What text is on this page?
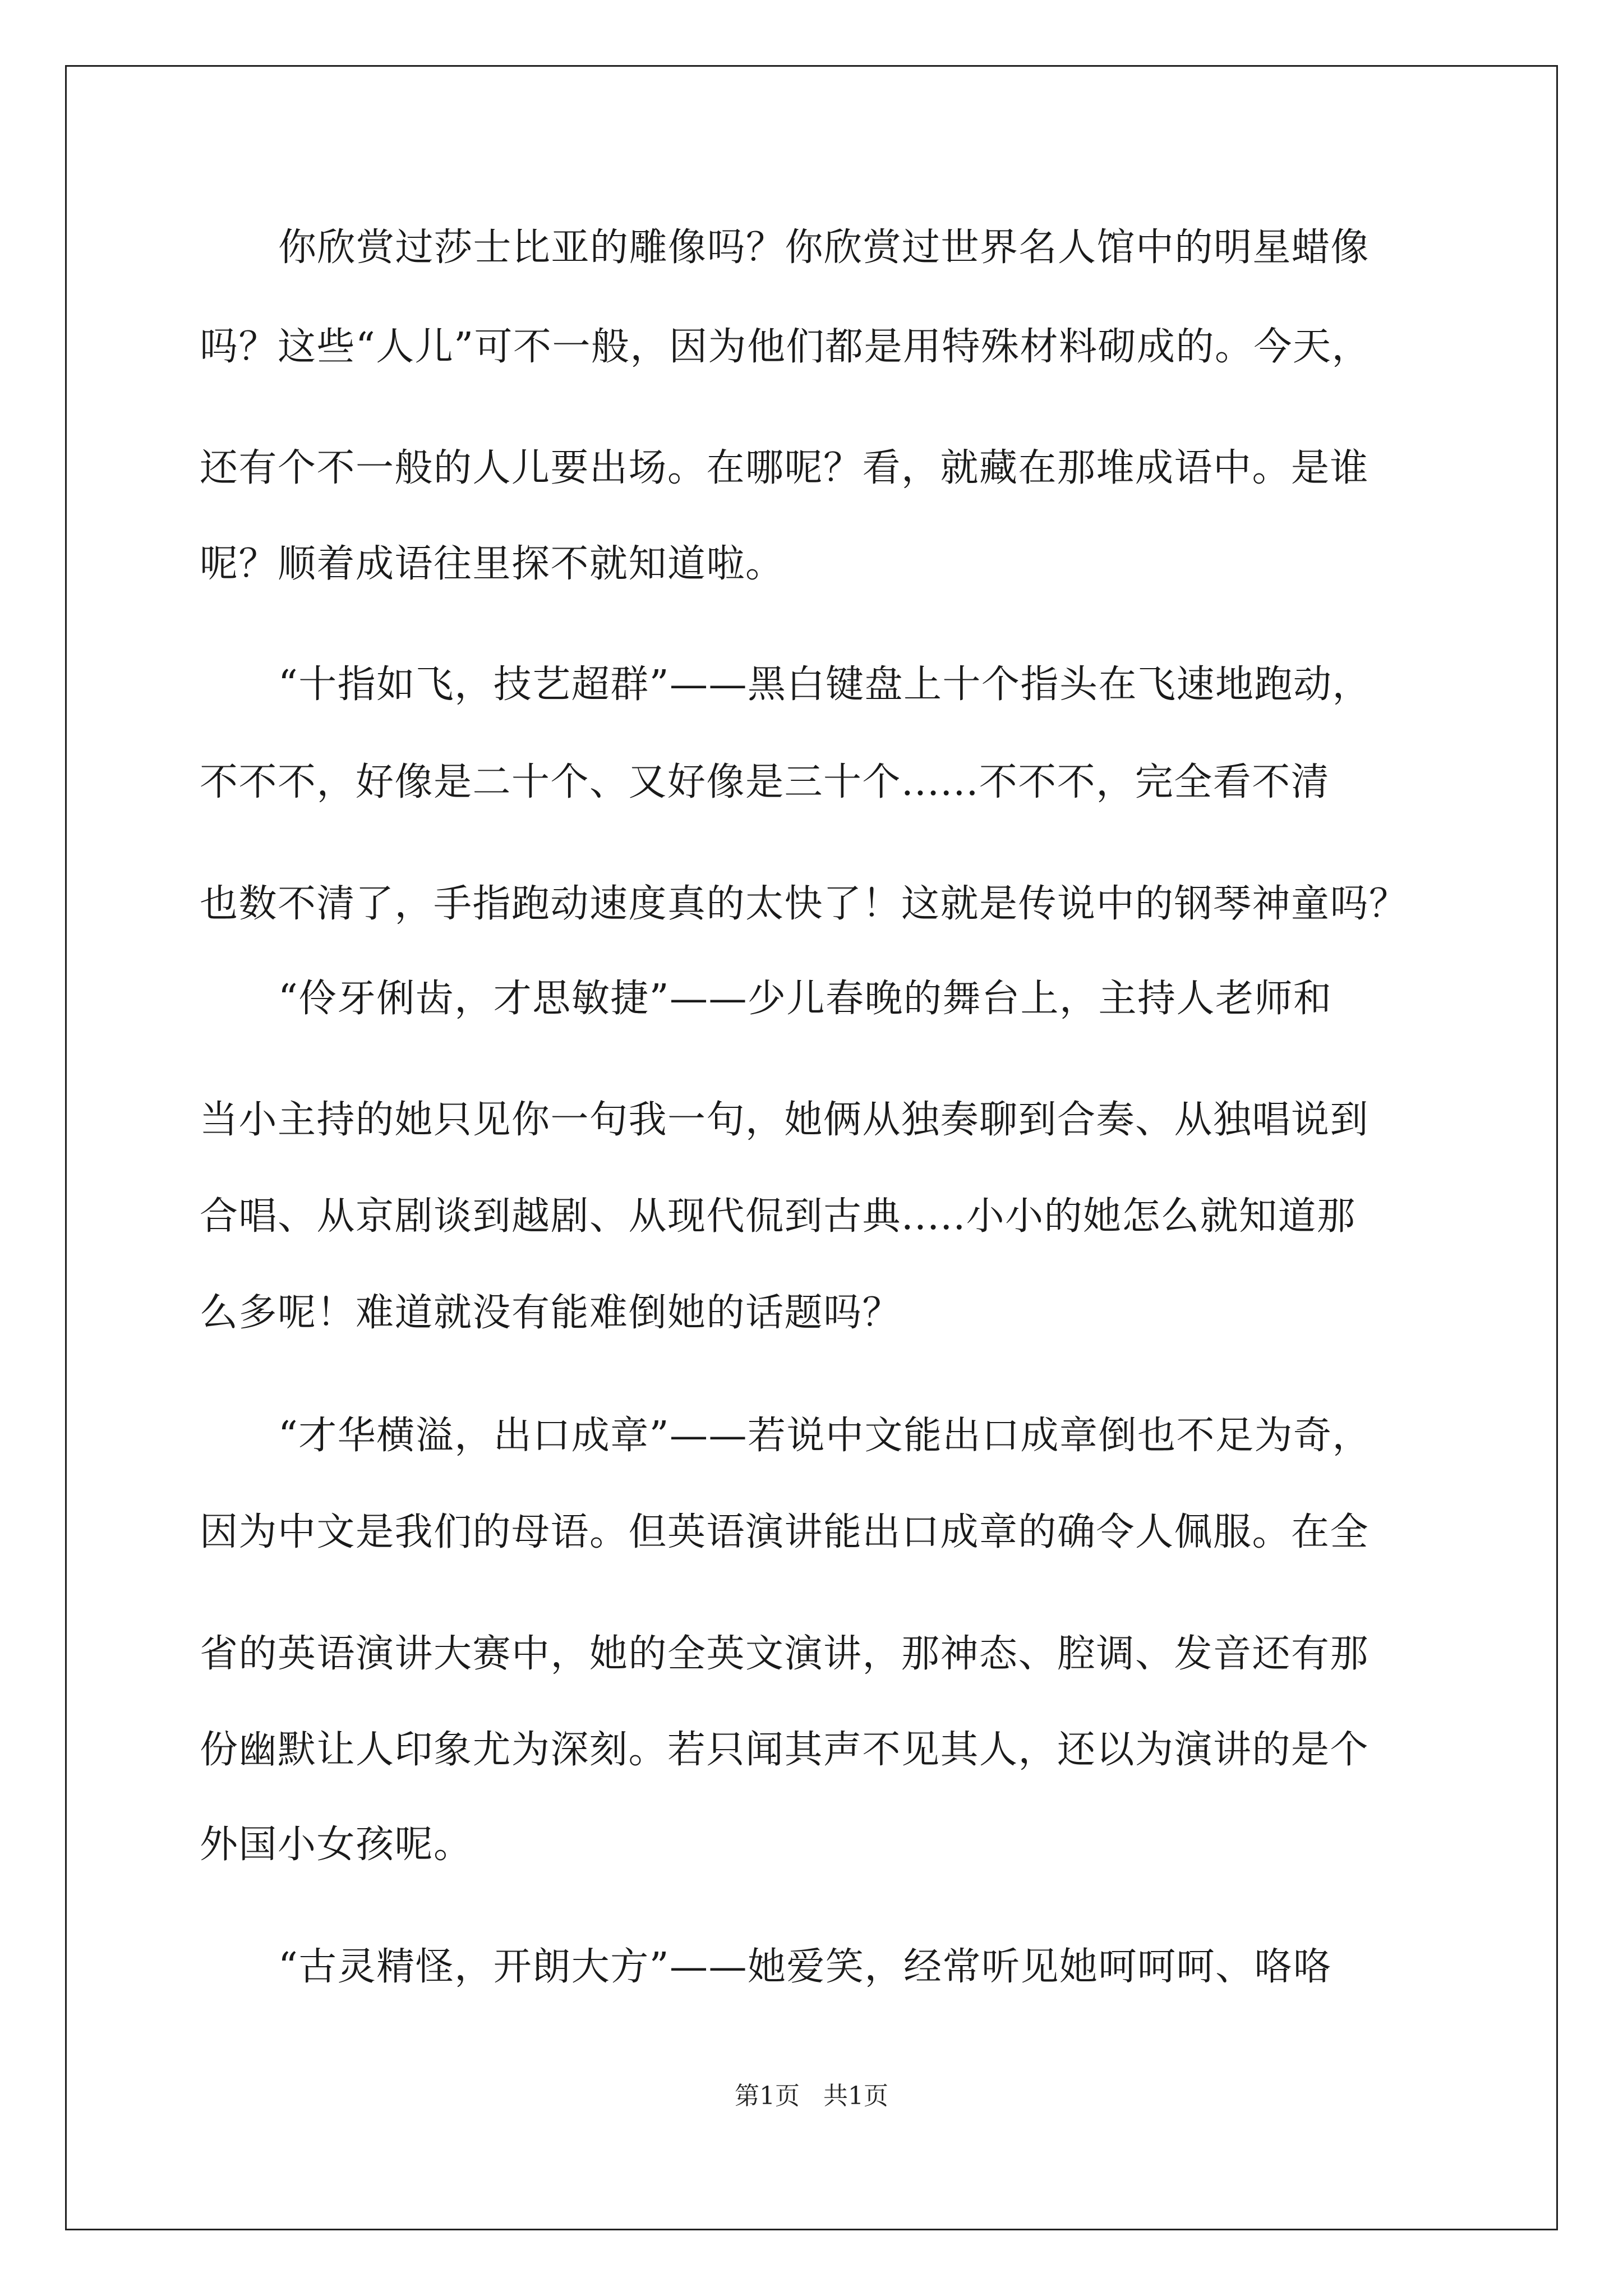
你欣赏过莎士比亚的雕像吗？你欣赏过世界名人馆中的明星蜡像
吗？这些“人儿”可不一般，因为他们都是用特殊材料砌成的。今天，
还有个不一般的人儿要出场。在哪呢？看，就藏在那堆成语中。是谁
呢？顺着成语往里探不就知道啦。
“十指如飞，技艺超群”——黑白键盘上十个指头在飞速地跑动，
不不不，好像是二十个、又好像是三十个......不不不，完全看不清
也数不清了，手指跑动速度真的太快了！这就是传说中的钢琴神童吗？
“伶牙俐齿，才思敏捷”——少儿春晚的舞台上，主持人老师和
当小主持的她只见你一句我一句，她俩从独奏聊到合奏、从独唱说到
合唱、从京剧谈到越剧、从现代侃到古典.....小小的她怎么就知道那
么多呢！难道就没有能难倒她的话题吗？
“才华横溢，出口成章”——若说中文能出口成章倒也不足为奇，
因为中文是我们的母语。但英语演讲能出口成章的确令人佩服。在全
省的英语演讲大赛中，她的全英文演讲，那神态、腔调、发音还有那
份幽默让人印象尤为深刻。若只闻其声不见其人，还以为演讲的是个
外国小女孩呢。
“古灵精怪，开朗大方”——她爱笑，经常听见她呵呵呵、咯咯
第1页   共1页
